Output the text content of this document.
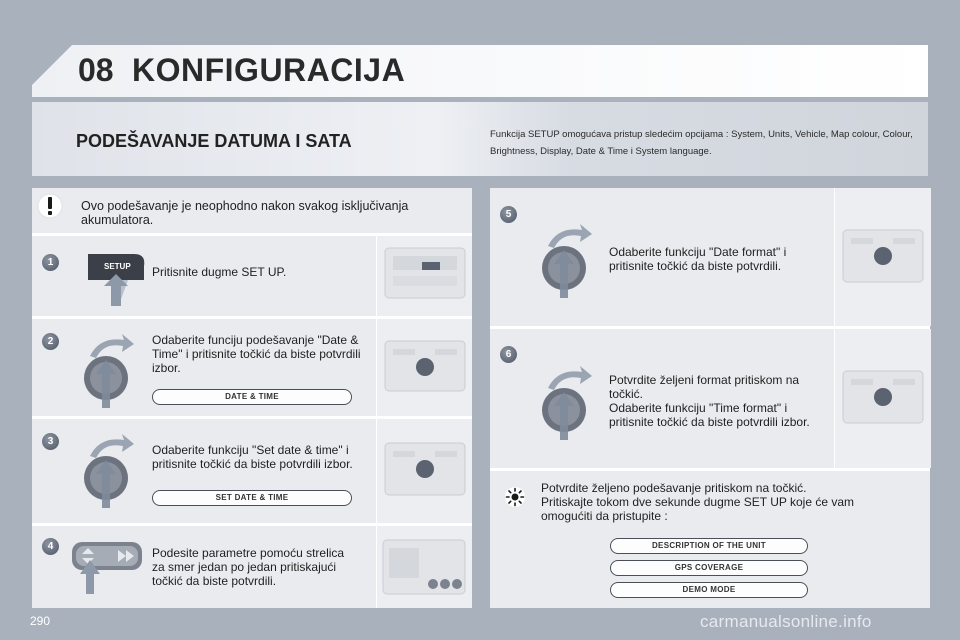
08 KONFIGURACIJA
PODEŠAVANJE DATUMA I SATA	Funkcija SETUP omogućava pristup sledećim opcijama : System, Units, Vehicle, Map colour, Colour,
Brightness, Display, Date & Time i System language.
Ovo podešavanje je neophodno nakon svakog isključivanja
akumulatora.
1	SETUP Pritisnite dugme SET UP.
2	Odaberite funciju podešavanje "Date &
Time" i pritisnite točkić da biste potvrdili
izbor.
DATE & TIME
3
Odaberite funkciju "Set date & time" i
pritisnite točkić da biste potvrdili izbor.
SET DATE & TIME
4	Podesite parametre pomoću strelica
za smer jedan po jedan pritiskajući
točkić da biste potvrdili.
5
Odaberite funkciju "Date format" i
pritisnite točkić da biste potvrdili.
6
Potvrdite željeni format pritiskom na
točkić.
Odaberite funkciju "Time format" i
pritisnite točkić da biste potvrdili izbor.
Potvrdite željeno podešavanje pritiskom na točkić.
Pritiskajte tokom dve sekunde dugme SET UP koje će vam
omogućiti da pristupite :
DESCRIPTION OF THE UNIT
GPS COVERAGE
DEMO MODE
290	carmanualsonline.info
